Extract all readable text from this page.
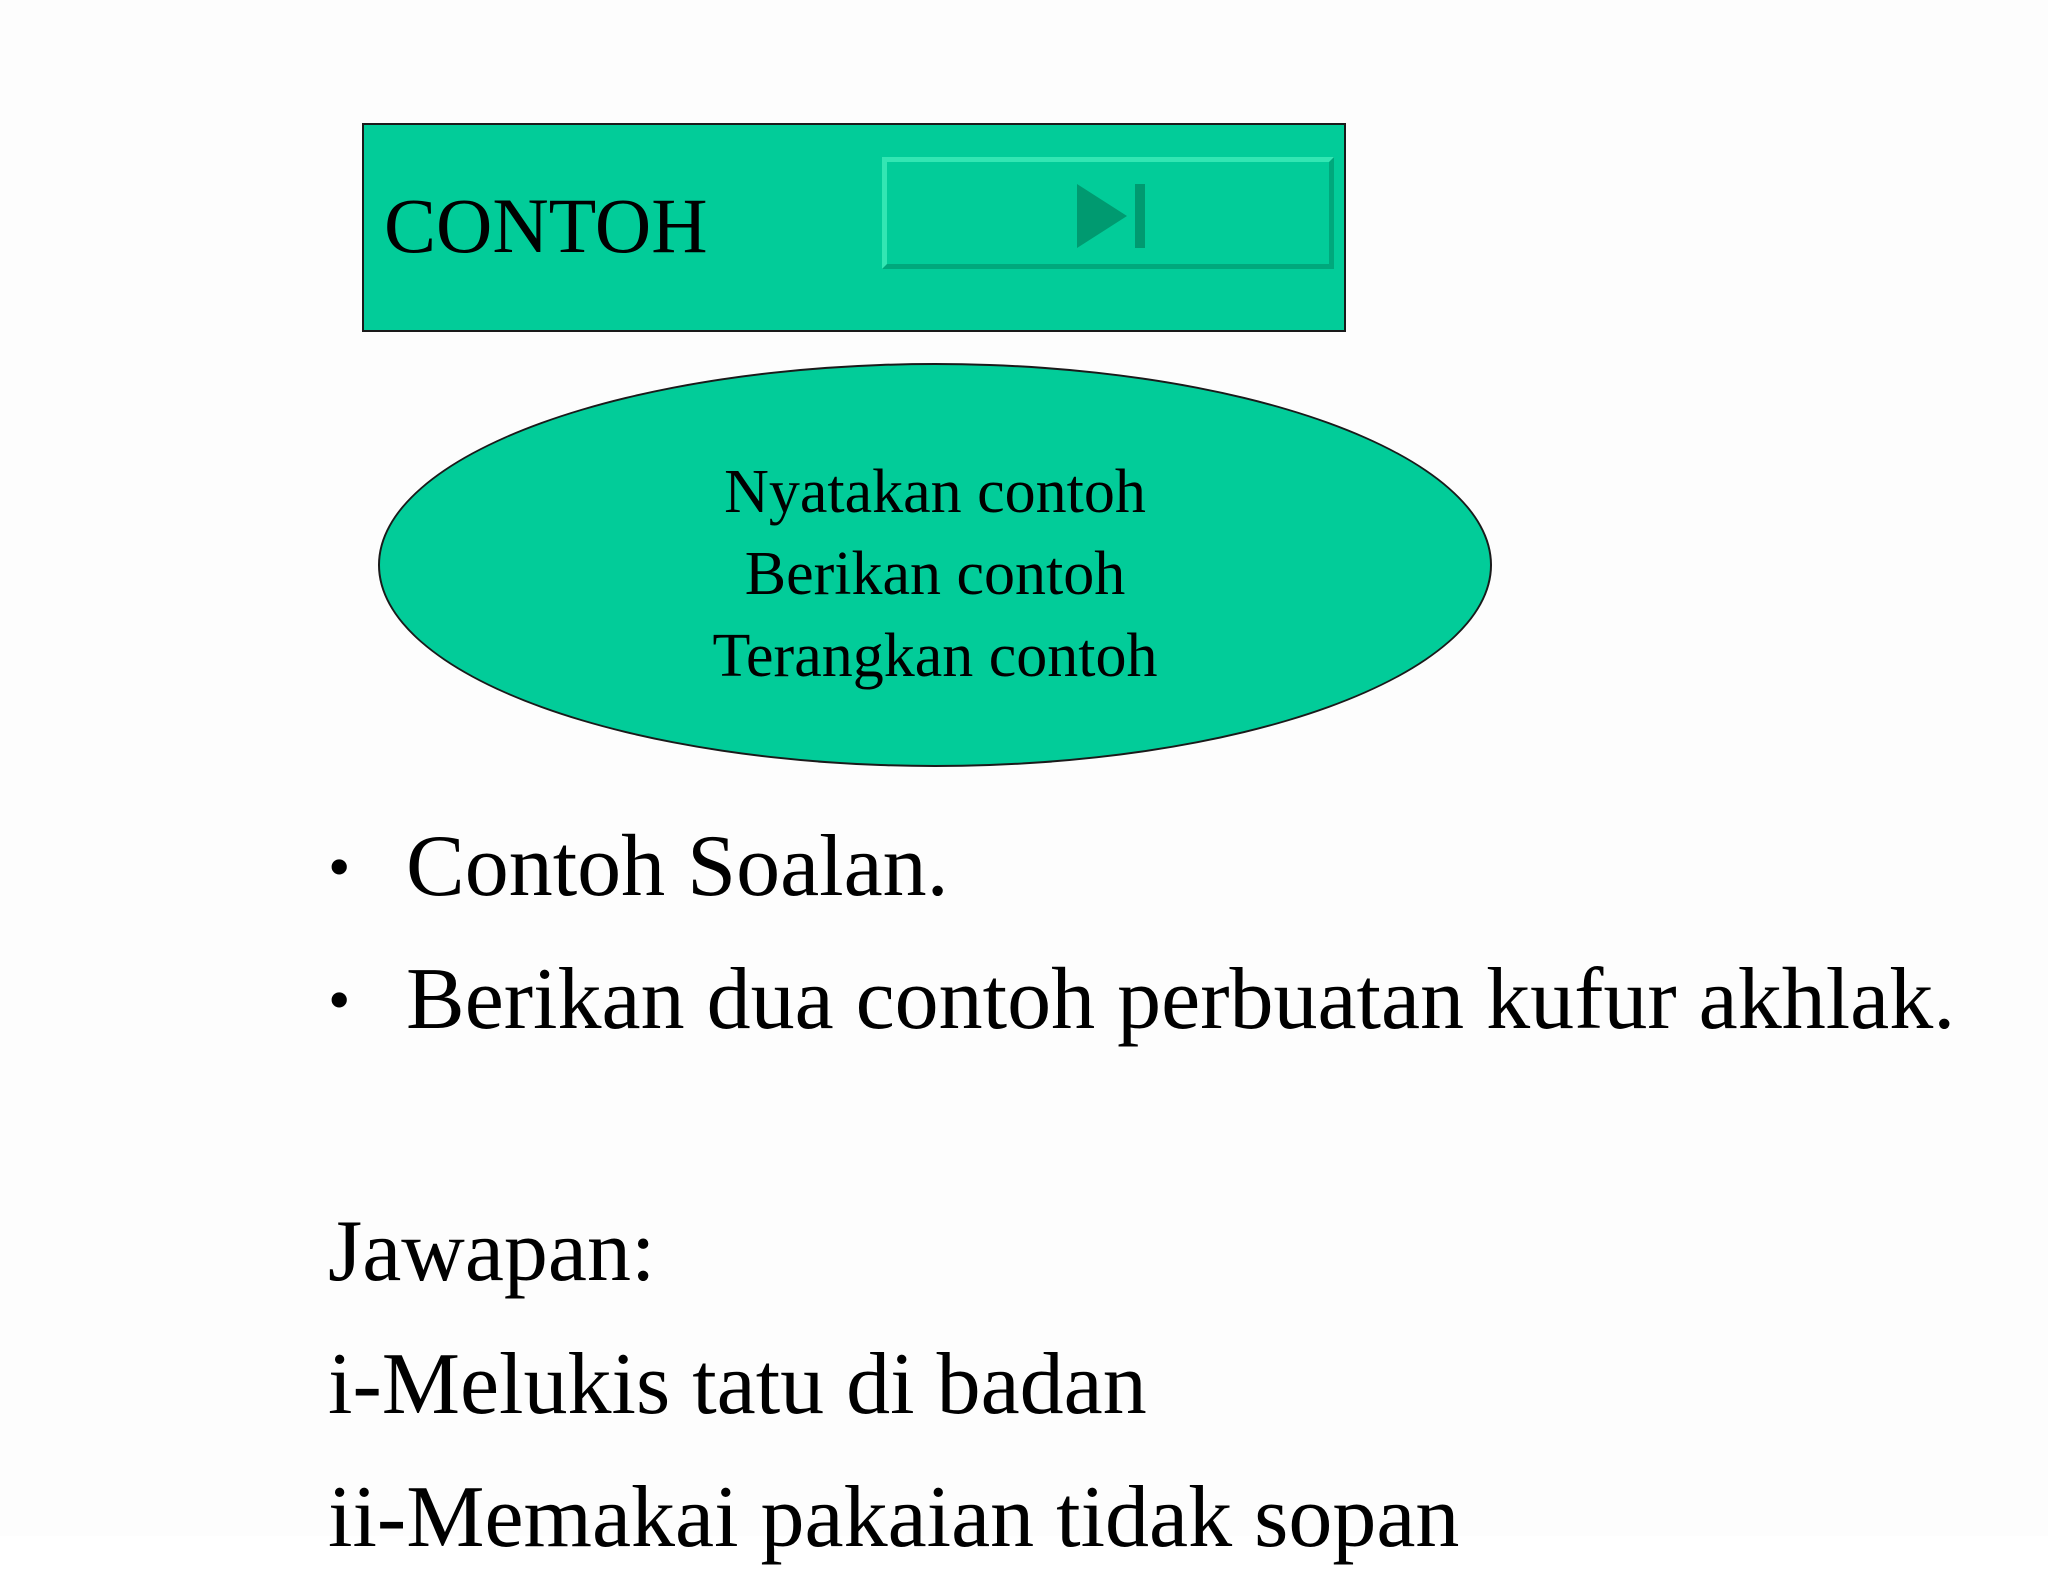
CONTOH
Nyatakan contoh
Berikan contoh
Terangkan contoh
• Contoh Soalan.
• Berikan dua contoh perbuatan kufur akhlak.
Jawapan:
i-Melukis tatu di badan
ii-Memakai pakaian tidak sopan
